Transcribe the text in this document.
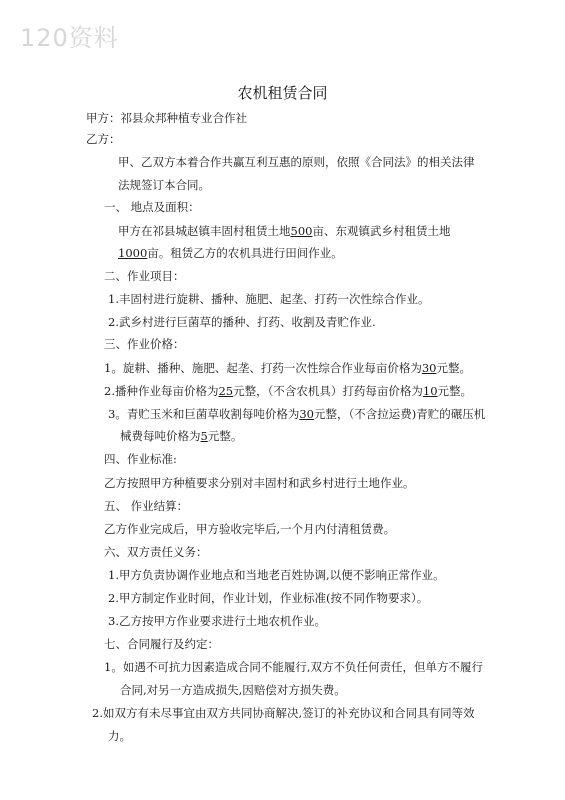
120资料
农机租赁合同
甲方：祁县众邦种植专业合作社
乙方：
甲、乙双方本着合作共赢互利互惠的原则，依照《合同法》的相关法律
法规签订本合同。
一、 地点及面积：
甲方在祁县城赵镇丰固村租赁土地500亩、东观镇武乡村租赁土地
1000亩。租赁乙方的农机具进行田间作业。
二、作业项目：
1.丰固村进行旋耕、播种、施肥、起垄、打药一次性综合作业。
2.武乡村进行巨菌草的播种、打药、收割及青贮作业.
三、作业价格：
1。旋耕、播种、施肥、起垄、打药一次性综合作业每亩价格为30元整。
2.播种作业每亩价格为25元整，（不含农机具）打药每亩价格为10元整。
3。青贮玉米和巨菌草收割每吨价格为30元整，（不含拉运费)青贮的碾压机
械费每吨价格为5元整。
四、作业标准:
乙方按照甲方种植要求分别对丰固村和武乡村进行土地作业。
五、 作业结算：
乙方作业完成后，甲方验收完毕后,一个月内付清租赁费。
六、双方责任义务：
1.甲方负责协调作业地点和当地老百姓协调,以便不影响正常作业。
2.甲方制定作业时间，作业计划，作业标准(按不同作物要求）。
3.乙方按甲方作业要求进行土地农机作业。
七、合同履行及约定：
1。如遇不可抗力因素造成合同不能履行,双方不负任何责任，但单方不履行
合同,对另一方造成损失,因赔偿对方损失费。
2.如双方有未尽事宜由双方共同协商解决,签订的补充协议和合同具有同等效
力。
